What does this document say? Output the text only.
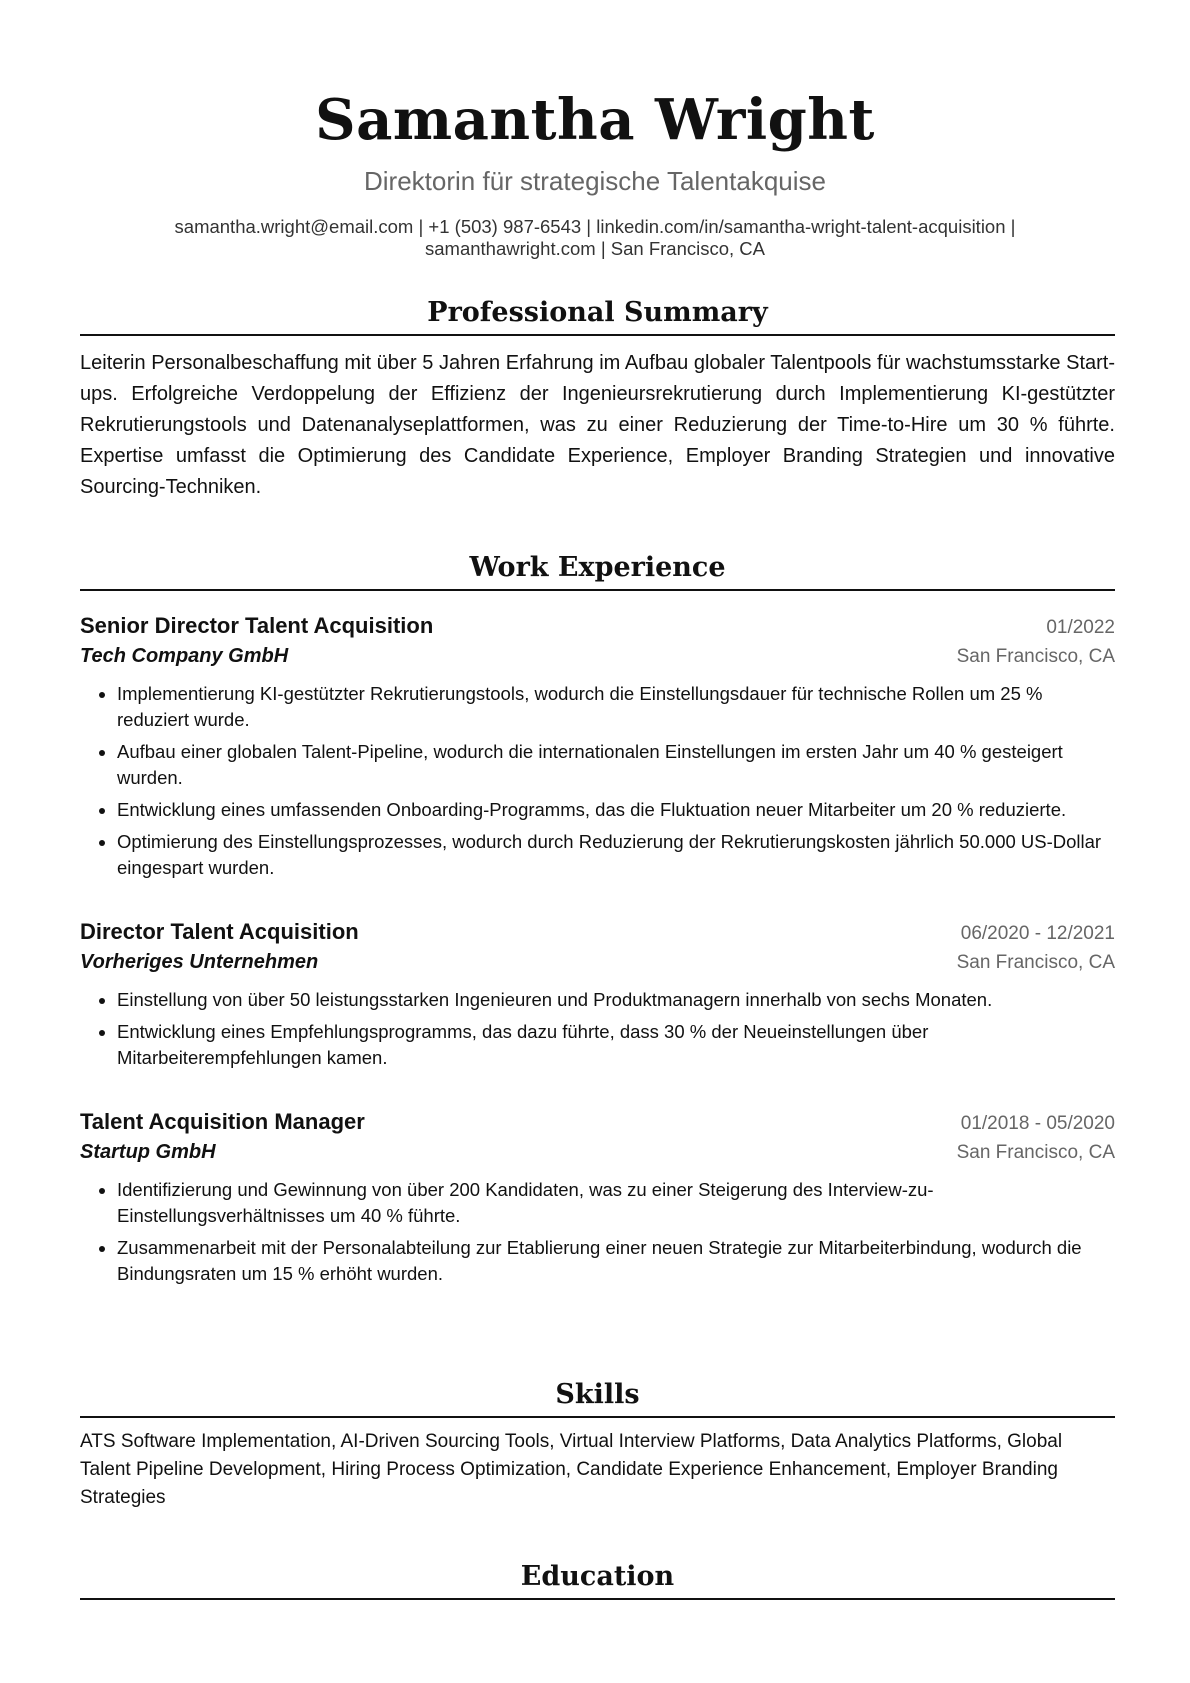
Samantha Wright
Direktorin für strategische Talentakquise
samantha.wright@email.com | +1 (503) 987-6543 | linkedin.com/in/samantha-wright-talent-acquisition |
samanthawright.com | San Francisco, CA
Professional Summary
Leiterin Personalbeschaffung mit über 5 Jahren Erfahrung im Aufbau globaler Talentpools für wachstumsstarke Start-ups. Erfolgreiche Verdoppelung der Effizienz der Ingenieursrekrutierung durch Implementierung KI-gestützter Rekrutierungstools und Datenanalyseplattformen, was zu einer Reduzierung der Time-to-Hire um 30 % führte. Expertise umfasst die Optimierung des Candidate Experience, Employer Branding Strategien und innovative Sourcing-Techniken.
Work Experience
Senior Director Talent Acquisition	01/2022
Tech Company GmbH	San Francisco, CA
• Implementierung KI-gestützter Rekrutierungstools, wodurch die Einstellungsdauer für technische Rollen um 25 % reduziert wurde.
• Aufbau einer globalen Talent-Pipeline, wodurch die internationalen Einstellungen im ersten Jahr um 40 % gesteigert wurden.
• Entwicklung eines umfassenden Onboarding-Programms, das die Fluktuation neuer Mitarbeiter um 20 % reduzierte.
• Optimierung des Einstellungsprozesses, wodurch durch Reduzierung der Rekrutierungskosten jährlich 50.000 US-Dollar eingespart wurden.
Director Talent Acquisition	06/2020 - 12/2021
Vorheriges Unternehmen	San Francisco, CA
• Einstellung von über 50 leistungsstarken Ingenieuren und Produktmanagern innerhalb von sechs Monaten.
• Entwicklung eines Empfehlungsprogramms, das dazu führte, dass 30 % der Neueinstellungen über Mitarbeiterempfehlungen kamen.
Talent Acquisition Manager	01/2018 - 05/2020
Startup GmbH	San Francisco, CA
• Identifizierung und Gewinnung von über 200 Kandidaten, was zu einer Steigerung des Interview-zu-Einstellungsverhältnisses um 40 % führte.
• Zusammenarbeit mit der Personalabteilung zur Etablierung einer neuen Strategie zur Mitarbeiterbindung, wodurch die Bindungsraten um 15 % erhöht wurden.
Skills
ATS Software Implementation, AI-Driven Sourcing Tools, Virtual Interview Platforms, Data Analytics Platforms, Global Talent Pipeline Development, Hiring Process Optimization, Candidate Experience Enhancement, Employer Branding Strategies
Education
